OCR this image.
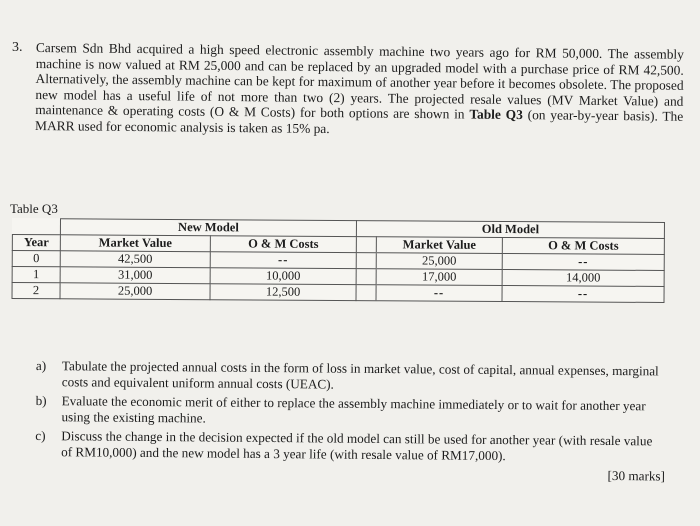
3. Carsem Sdn Bhd acquired a high speed electronic assembly machine two years ago for RM 50,000. The assembly machine is now valued at RM 25,000 and can be replaced by an upgraded model with a purchase price of RM 42,500. Alternatively, the assembly machine can be kept for maximum of another year before it becomes obsolete. The proposed new model has a useful life of not more than two (2) years. The projected resale values (MV Market Value) and maintenance & operating costs (O & M Costs) for both options are shown in Table Q3 (on year-by-year basis). The MARR used for economic analysis is taken as 15% pa.
Table Q3
	New Model		Old Model		
Year	Market Value	O & M Costs		Market Value	O & M Costs
0	42,500	--		25,000	--
1	31,000	10,000		17,000	14,000
2	25,000	12,500		--	--
a) Tabulate the projected annual costs in the form of loss in market value, cost of capital, annual expenses, marginal costs and equivalent uniform annual costs (UEAC).
b) Evaluate the economic merit of either to replace the assembly machine immediately or to wait for another year using the existing machine.
c) Discuss the change in the decision expected if the old model can still be used for another year (with resale value of RM10,000) and the new model has a 3 year life (with resale value of RM17,000).
[30 marks]
